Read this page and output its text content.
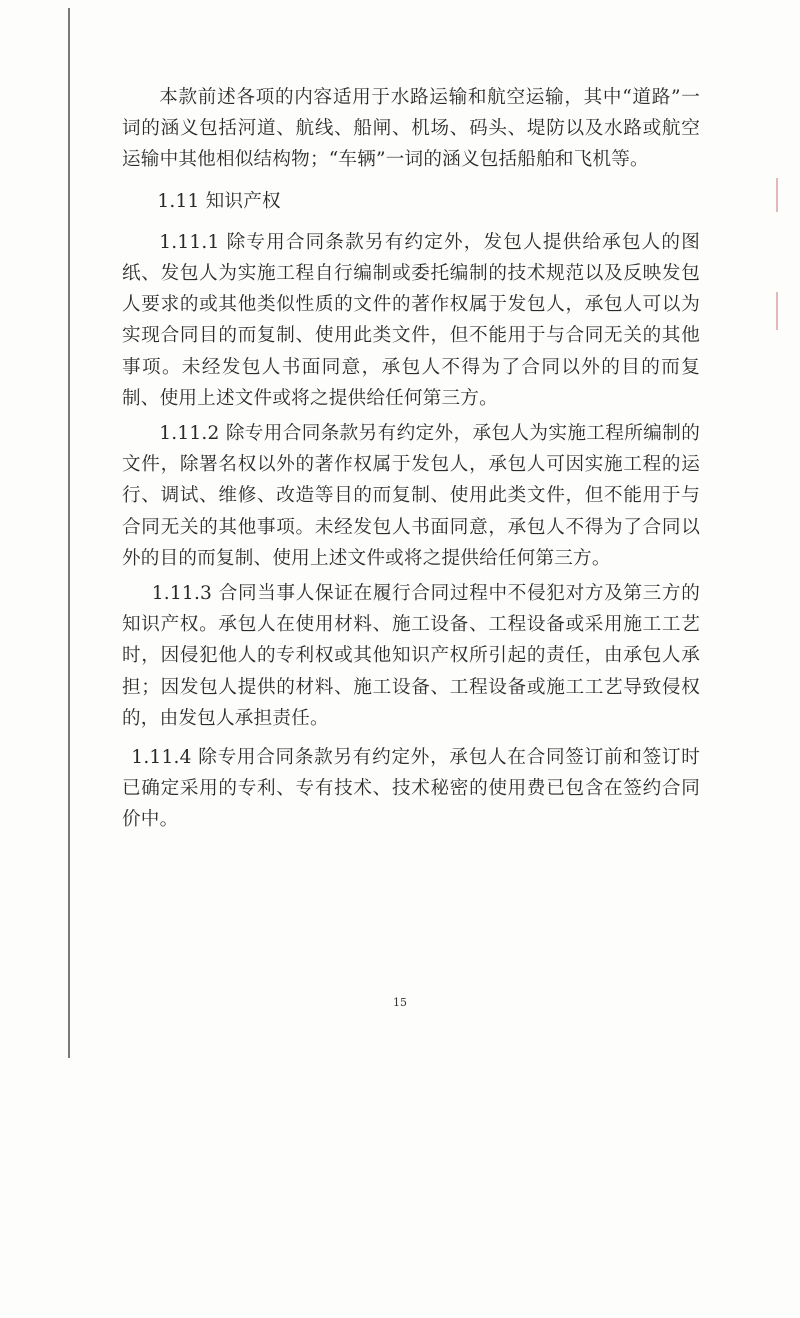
本款前述各项的内容适用于水路运输和航空运输，其中“道路”一词的涵义包括河道、航线、船闸、机场、码头、堤防以及水路或航空运输中其他相似结构物；“车辆”一词的涵义包括船舶和飞机等。

1.11 知识产权

1.11.1 除专用合同条款另有约定外，发包人提供给承包人的图纸、发包人为实施工程自行编制或委托编制的技术规范以及反映发包人要求的或其他类似性质的文件的著作权属于发包人，承包人可以为实现合同目的而复制、使用此类文件，但不能用于与合同无关的其他事项。未经发包人书面同意，承包人不得为了合同以外的目的而复制、使用上述文件或将之提供给任何第三方。

1.11.2 除专用合同条款另有约定外，承包人为实施工程所编制的文件，除署名权以外的著作权属于发包人，承包人可因实施工程的运行、调试、维修、改造等目的而复制、使用此类文件，但不能用于与合同无关的其他事项。未经发包人书面同意，承包人不得为了合同以外的目的而复制、使用上述文件或将之提供给任何第三方。

1.11.3 合同当事人保证在履行合同过程中不侵犯对方及第三方的知识产权。承包人在使用材料、施工设备、工程设备或采用施工工艺时，因侵犯他人的专利权或其他知识产权所引起的责任，由承包人承担；因发包人提供的材料、施工设备、工程设备或施工工艺导致侵权的，由发包人承担责任。

1.11.4 除专用合同条款另有约定外，承包人在合同签订前和签订时已确定采用的专利、专有技术、技术秘密的使用费已包含在签约合同价中。

15
